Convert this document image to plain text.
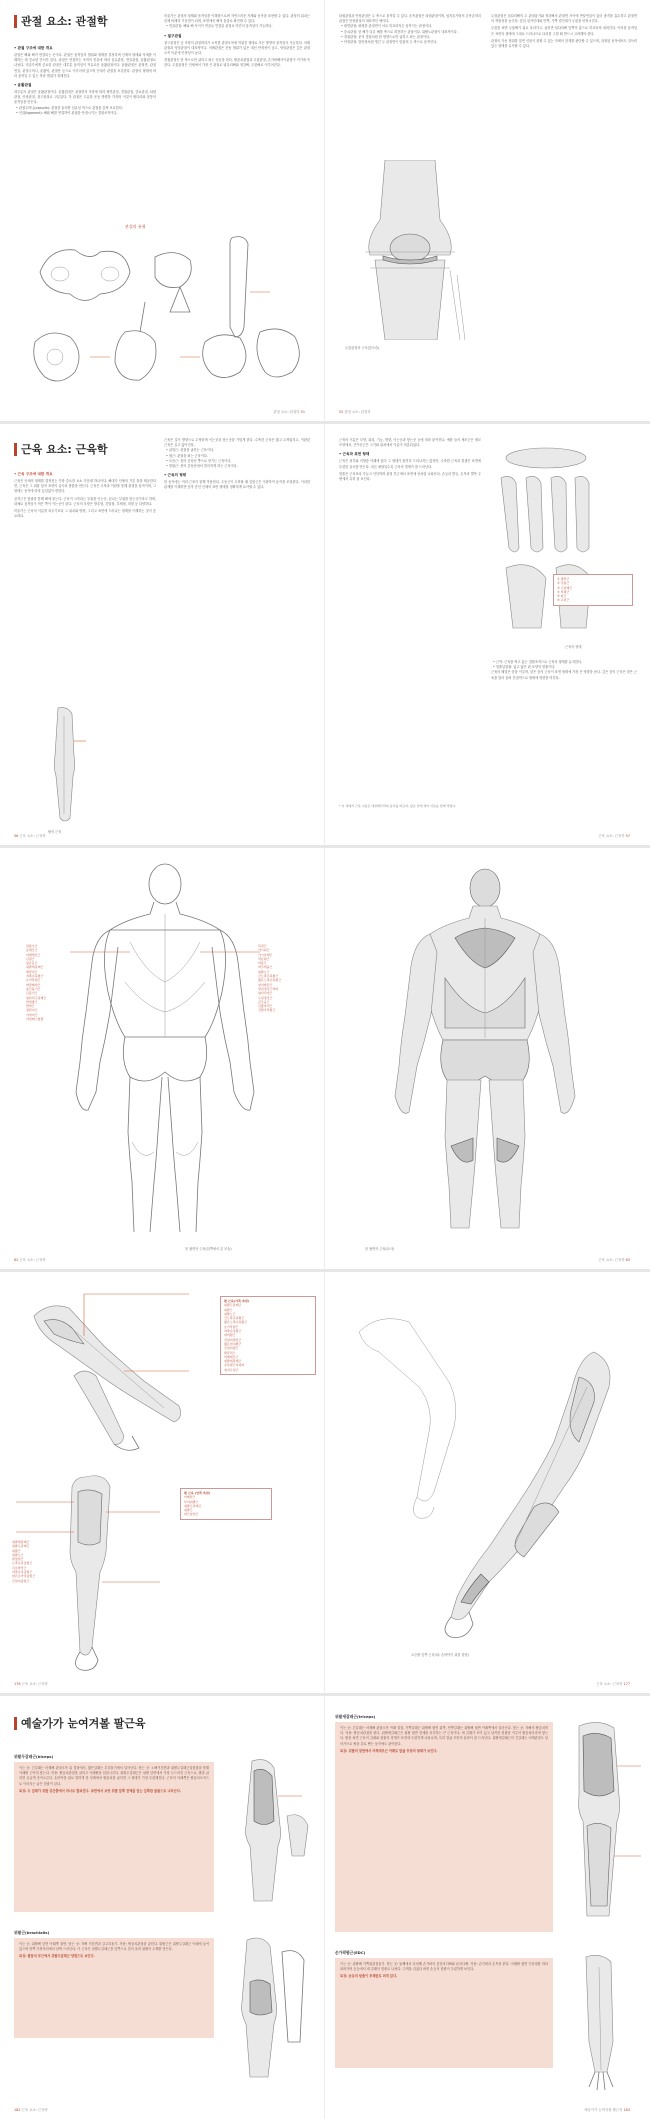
관절 요소: 관절학
• 관절 구조에 대한 개요
관절은 뼈와 뼈가 연결되는 곳이다. 관절은 움직임의 범위와 형태를 결정하며 인체의 형태와 자세를 이해하는 데 중요한 단서가 된다. 관절은 연결하는 조직의 종류에 따라 섬유관절, 연골관절, 윤활관절로 나뉜다. 미술가에게 중요한 관절은 대부분 움직임이 자유로운 윤활관절이다. 윤활관절은 관절면, 관절연골, 관절주머니, 윤활막, 관절안 등으로 이루어져 있으며 인대가 관절을 보강한다. 관절의 형태에 따라 움직일 수 있는 축과 범위가 정해진다.
• 윤활관절
대부분의 관절은 윤활관절이다. 윤활관절은 관절면의 모양에 따라 평면관절, 경첩관절, 중쇠관절, 타원관절, 안장관절, 절구관절로 구분된다. 각 관절은 고유한 운동 방향을 가지며 이것이 팔다리와 몸통의 움직임을 만든다.
• 관절주머니(capsule): 관절을 둘러싼 섬유성 막으로 관절을 감싸 보호한다.
• 인대(ligament): 뼈와 뼈를 연결하여 관절을 안정시키는 결합조직이다.
미술가는 관절의 형태와 움직임을 이해함으로써 자연스러운 자세와 동작을 표현할 수 있다. 관절의 위치는 신체 비례의 기준점이 되며, 표면에서 뼈의 돌출로 확인할 수 있다.
• 연골관절: 뼈와 뼈 사이가 연골로 연결된 관절로 약간의 움직임이 가능하다.
• 절구관절
절구관절은 공 모양의 관절머리가 오목한 관절오목에 끼워진 형태로 모든 방향의 움직임이 가능하다. 어깨관절과 엉덩관절이 대표적이다. 어깨관절은 운동 범위가 넓은 대신 안정성이 낮고, 엉덩관절은 깊은 관절오목 덕분에 안정성이 높다.
경첩관절은 한 축으로만 굽히고 펴는 운동을 한다. 팔꿈치관절과 무릎관절, 손가락뼈사이관절이 여기에 속한다. 무릎관절은 인체에서 가장 큰 관절로 넙다리뼈와 정강뼈, 무릎뼈로 이루어진다.
관절의 유형
관절 요소: 관절학 51
타원관절과 안장관절은 두 축으로 움직일 수 있다. 손목관절은 타원관절이며, 엄지손가락의 손목손허리관절은 안장관절의 대표적인 예이다.
• 평면관절: 평평한 관절면이 서로 미끄러지듯 움직이는 관절이다.
• 중쇠관절: 한 뼈가 다른 뼈를 축으로 회전하는 관절이다. 위팔노관절이 대표적이다.
• 경첩관절: 문의 경첩처럼 한 방향으로만 굽히고 펴는 관절이다.
• 안장관절: 말안장처럼 생긴 두 관절면이 맞물려 두 축으로 움직인다.
무릎관절은 넙다리뼈의 두 관절융기와 정강뼈의 관절면 사이에 반달연골이 있어 충격을 흡수하고 관절면의 적합성을 높인다. 앞뒤 십자인대와 안쪽, 가쪽 곁인대가 무릎을 안정시킨다.
무릎을 펴면 무릎뼈가 위로 올라가고, 굽히면 넙다리뼈 앞쪽의 홈으로 미끄러져 내려간다. 이러한 움직임은 표면의 형태에 그대로 드러나므로 다리를 그릴 때 반드시 고려해야 한다.
관절의 가동 범위를 알면 인물이 취할 수 있는 자세의 한계를 판단할 수 있으며, 과장된 동작에서도 설득력 있는 형태를 유지할 수 있다.
무릎관절의 구조(앞모습)
52 관절 요소: 관절학
근육 요소: 근육학
• 근육 구조에 대한 개요
근육은 인체의 형태를 결정짓는 가장 중요한 요소 가운데 하나이다. 뼈대가 인체의 기본 틀을 제공한다면, 근육은 그 위를 덮어 표면의 굴곡과 볼륨을 만든다. 근육은 수축과 이완을 통해 관절을 움직이며, 그 형태는 동작에 따라 끊임없이 변한다.
골격근은 힘줄을 통해 뼈에 붙는다. 근육이 시작되는 부위를 이는곳, 끝나는 부위를 닿는곳이라고 하며, 대체로 움직임이 적은 쪽이 이는곳이 된다. 근육의 모양은 방추형, 깃털형, 부채형, 띠형 등 다양하다.
미술가는 근육의 이름을 외우기보다 그 위치와 방향, 그리고 표면에 드러나는 형태를 이해하는 것이 중요하다.
근육은 길이 방향으로 수축하며 이는곳과 닿는곳을 가깝게 한다. 수축한 근육은 짧고 두꺼워지고, 이완된 근육은 길고 얇아진다.
• 굽힘근: 관절을 굽히는 근육이다.
• 폄근: 관절을 펴는 근육이다.
• 모음근: 몸의 중심선 쪽으로 당기는 근육이다.
• 벌림근: 몸의 중심선에서 멀어지게 하는 근육이다.
• 근육의 형태
한 동작에는 여러 근육이 함께 작용한다. 주동근이 수축할 때 길항근은 이완하여 동작을 조절한다. 이러한 관계를 이해하면 동작 중인 인체의 표면 형태를 정확하게 묘사할 수 있다.
팔의 근육
56 근육 요소: 근육학
근육의 이름은 모양, 위치, 기능, 방향, 이는곳과 닿는곳 등에 따라 붙여진다. 예를 들어 세모근은 세모 모양에서, 큰가슴근은 크기와 위치에서 이름이 비롯되었다.
• 근육과 표면 형태
근육은 피부와 지방층 아래에 있어 그 형태가 완전히 드러나지는 않지만, 수축한 근육과 힘줄은 표면에 뚜렷한 굴곡을 만든다. 마른 체형일수록 근육의 경계가 잘 드러난다.
힘줄은 근육보다 가늘고 단단하며 관절 부근에서 표면에 선처럼 나타난다. 손등과 발등, 손목과 발목 주변에서 특히 잘 보인다.
① 방추근
② 깃털근
③ 두갈래근
④ 부채근
⑤ 띠근
⑥ 고리근
근육의 형태
• 근막: 근육을 싸고 있는 결합조직으로 근육의 형태를 유지한다.
• 힘줄널힘줄: 넓고 얇은 판 모양의 힘줄이다.
근육의 배열은 층을 이루며, 얕은 층의 근육이 표면 형태에 가장 큰 영향을 준다. 깊은 층의 근육은 얕은 근육을 밀어 올려 간접적으로 형태에 영향을 미친다.
* 이 책에서 근육 이름은 대한해부학회 용어를 따르며, 괄호 안에 영어 이름을 함께 적었다.
근육 요소: 근육학 57
뒤통수근
등세모근
어깨세모근
큰원근
넓은등근
위팔세갈래근
팔꿈치근
자쪽손목폄근
손가락폄근
바깥배빗근
중간볼기근
큰볼기근
넙다리두갈래근
반힘줄근
반막근
장딴지근
가자미근
아킬레스힘줄
목빗근
가시위근
가시아래근
작은원근
마름근
척주세움근
위팔노근
긴노쪽손목폄근
짧은노쪽손목폄근
엄지벌림근
엉덩정강근막띠
넙다리빗근
두덩정강근
큰모음근
긴종아리근
긴발가락폄근
몸 뒷면의 근육(뒤쪽에서 본 모습)
62 근육 요소: 근육학
몸 뒷면의 근육(묘사)
근육 요소: 근육학 63
팔 근육(가쪽 측면)
위팔두갈래근
위팔근
위팔노근
긴노쪽손목폄근
짧은노쪽손목폄근
손가락폄근
자쪽손목폄근
새끼폄근
긴엄지벌림근
짧은엄지폄근
긴엄지폄근
팔꿈치근
어깨세모근
위팔세갈래근
손목폄근지지띠
엄지두덩근
위팔세갈래근
위팔두갈래근
위팔근
위팔노근
원엎침근
노쪽손목굽힘근
긴손바닥근
자쪽손목굽힘근
얕은손가락굽힘근
긴엄지굽힘근
팔 근육 (안쪽 측면)
어깨밑근
부리위팔근
위팔두갈래근
위팔근
네모엎침근
176 근육 요소: 근육학
오른팔 앞쪽 근육(위: 손바닥이 위를 향함)
근육 요소: 근육학 177
예술가가 눈여겨볼 팔근육
위팔두갈래근(biceps)
이는 곳: 긴갈래는 어깨뼈 관절오목 위 결절에서, 짧은갈래는 부리돌기에서 일어난다. 닿는 곳: 노뼈거친면과 위팔두갈래근널힘줄을 통해 아래팔 근막에 닿는다. 작용: 팔꿈치관절을 굽히고 아래팔을 뒤침시킨다. 위팔두갈래근은 위팔 앞면에서 가장 두드러진 근육으로, 팔을 굽히면 둥글게 솟아오른다. 손바닥을 위로 향하게 한 상태에서 팔꿈치를 굽히면 그 형태가 가장 뚜렷해진다. 근육의 아래쪽은 팔꿈치오목으로 이어지는 굵은 힘줄이 된다.
특징: 두 갈래가 위팔 중간쯤에서 하나로 합쳐진다. 표면에서 보면 위팔 앞쪽 전체를 덮는 길쭉한 볼륨으로 나타난다.
위팔근(brachialis)
이는 곳: 위팔뼈 앞면 아래쪽 절반. 닿는 곳: 자뼈 거친면과 갈고리돌기. 작용: 팔꿈치관절을 굽힌다. 위팔근은 위팔두갈래근 아래에 놓여 있으며 양쪽 가장자리에서 살짝 드러난다. 이 근육은 위팔두갈래근을 앞쪽으로 밀어 올려 위팔의 두께를 만든다.
특징: 팔꿈치 부근에서 위팔두갈래근 양옆으로 보인다.
182 근육 요소: 근육학
위팔세갈래근(triceps)
이는 곳: 긴갈래는 어깨뼈 관절오목 아래 결절, 가쪽갈래는 위팔뼈 뒷면 위쪽, 안쪽갈래는 위팔뼈 뒷면 아래쪽에서 일어난다. 닿는 곳: 자뼈의 팔꿈치머리. 작용: 팔꿈치관절을 편다. 위팔세갈래근은 위팔 뒷면 전체를 차지하는 큰 근육이다. 세 갈래가 모여 넓고 납작한 힘줄을 이루어 팔꿈치머리에 닿는다. 팔을 펴면 근육의 갈래와 힘줄의 경계가 표면에 뚜렷하게 나타나며, 특히 말굽 모양의 윤곽이 잘 드러난다. 위팔세갈래근의 긴갈래는 어깨관절도 넘어가므로 팔을 뒤로 뻗는 동작에도 관여한다.
특징: 위팔의 뒷면에서 어깨세모근 아래로 말굽 모양의 형태가 보인다.
손가락폄근(EDC)
이는 곳: 위팔뼈 가쪽위관절융기. 닿는 곳: 둘째에서 다섯째 손가락의 중간마디뼈와 끝마디뼈. 작용: 손가락과 손목을 편다. 아래팔 뒷면 가운데를 따라 내려가며 손등에서 네 갈래의 힘줄로 나뉜다. 주먹을 쥐었다 펴면 손등의 힘줄이 뚜렷하게 보인다.
특징: 손등의 힘줄이 부채꼴로 퍼져 있다.
예술가가 눈여겨볼 팔근육 183
